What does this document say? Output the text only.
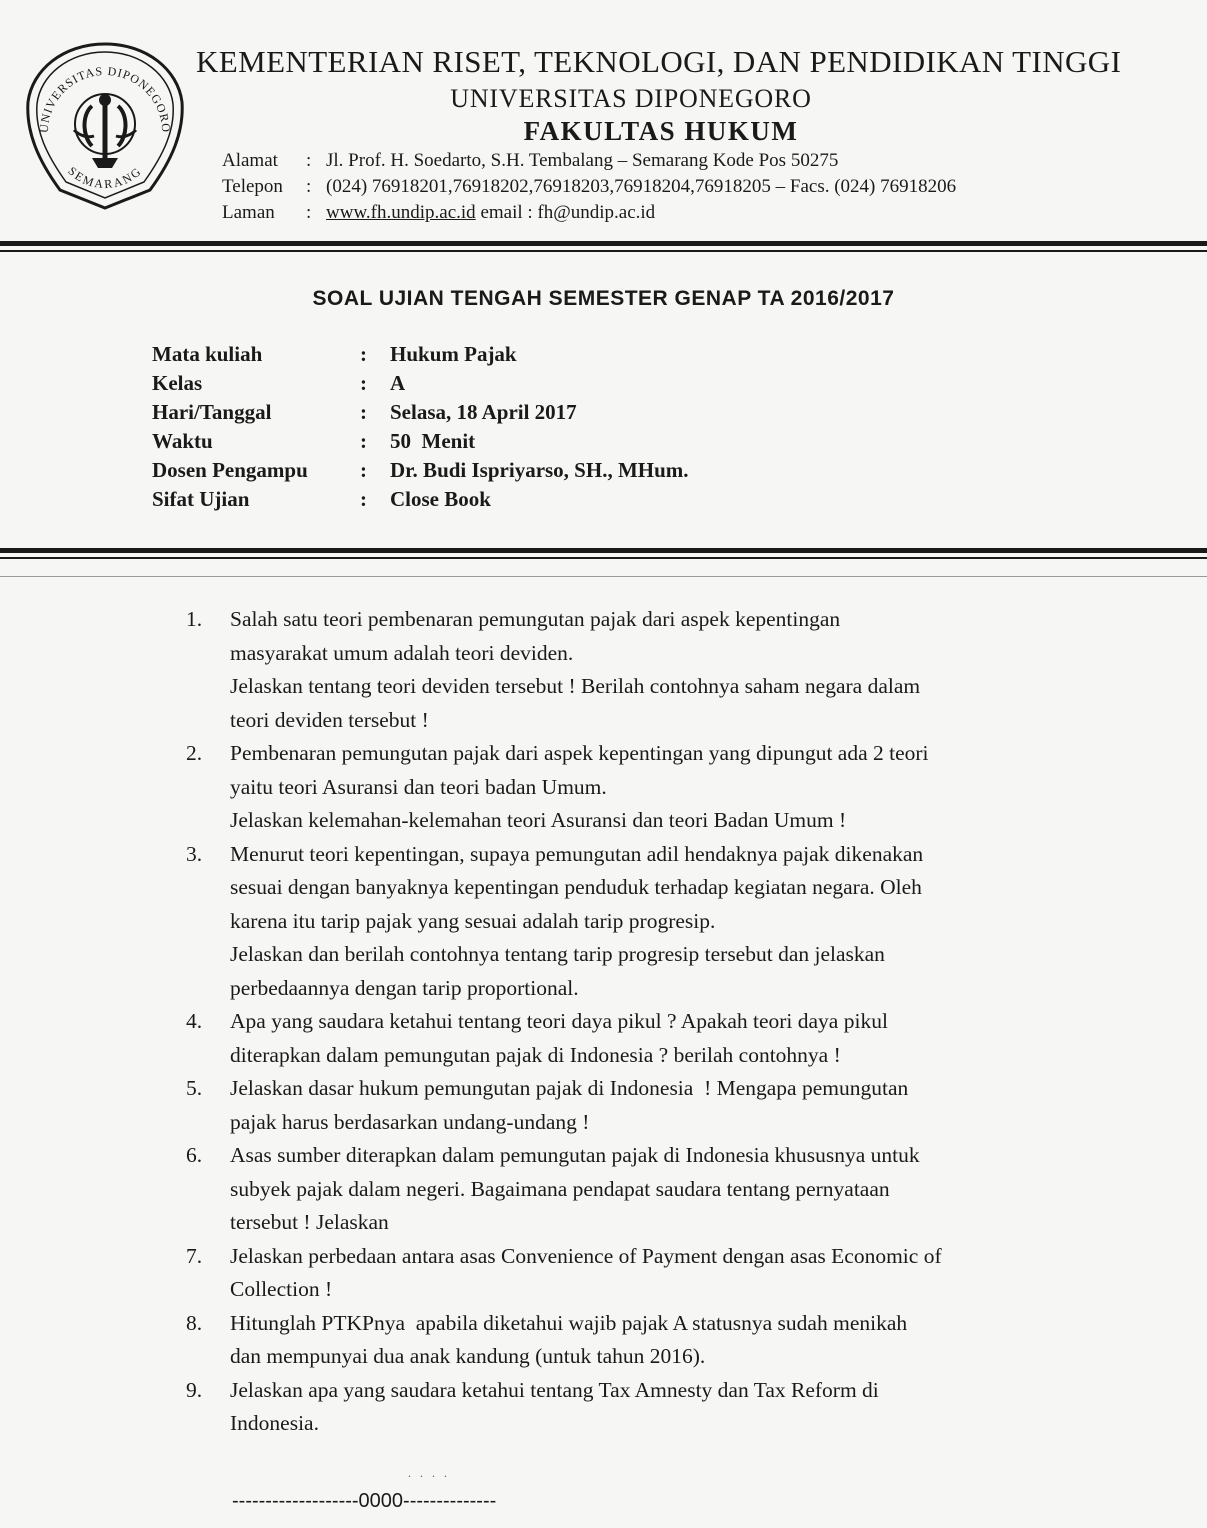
UNIVERSITAS DIPONEGORO
SEMARANG
KEMENTERIAN RISET, TEKNOLOGI, DAN PENDIDIKAN TINGGI
UNIVERSITAS DIPONEGORO
FAKULTAS HUKUM
Alamat	: Jl. Prof. H. Soedarto, S.H. Tembalang – Semarang Kode Pos 50275
Telepon	: (024) 76918201,76918202,76918203,76918204,76918205 – Facs. (024) 76918206
Laman	: www.fh.undip.ac.id email : fh@undip.ac.id
SOAL UJIAN TENGAH SEMESTER GENAP TA 2016/2017
Mata kuliah	:	Hukum Pajak
Kelas	:	A
Hari/Tanggal	:	Selasa, 18 April 2017
Waktu	:	50  Menit
Dosen Pengampu	:	Dr. Budi Ispriyarso, SH., MHum.
Sifat Ujian	:	Close Book
1.	Salah satu teori pembenaran pemungutan pajak dari aspek kepentingan
masyarakat umum adalah teori deviden.
Jelaskan tentang teori deviden tersebut ! Berilah contohnya saham negara dalam
teori deviden tersebut !
2.	Pembenaran pemungutan pajak dari aspek kepentingan yang dipungut ada 2 teori
yaitu teori Asuransi dan teori badan Umum.
Jelaskan kelemahan-kelemahan teori Asuransi dan teori Badan Umum !
3.	Menurut teori kepentingan, supaya pemungutan adil hendaknya pajak dikenakan
sesuai dengan banyaknya kepentingan penduduk terhadap kegiatan negara. Oleh
karena itu tarip pajak yang sesuai adalah tarip progresip.
Jelaskan dan berilah contohnya tentang tarip progresip tersebut dan jelaskan
perbedaannya dengan tarip proportional.
4.	Apa yang saudara ketahui tentang teori daya pikul ? Apakah teori daya pikul
diterapkan dalam pemungutan pajak di Indonesia ? berilah contohnya !
5.	Jelaskan dasar hukum pemungutan pajak di Indonesia  ! Mengapa pemungutan
pajak harus berdasarkan undang-undang !
6.	Asas sumber diterapkan dalam pemungutan pajak di Indonesia khususnya untuk
subyek pajak dalam negeri. Bagaimana pendapat saudara tentang pernyataan
tersebut ! Jelaskan
7.	Jelaskan perbedaan antara asas Convenience of Payment dengan asas Economic of
Collection !
8.	Hitunglah PTKPnya  apabila diketahui wajib pajak A statusnya sudah menikah
dan mempunyai dua anak kandung (untuk tahun 2016).
9.	Jelaskan apa yang saudara ketahui tentang Tax Amnesty dan Tax Reform di
Indonesia.
. . . .
-------------------0000--------------
